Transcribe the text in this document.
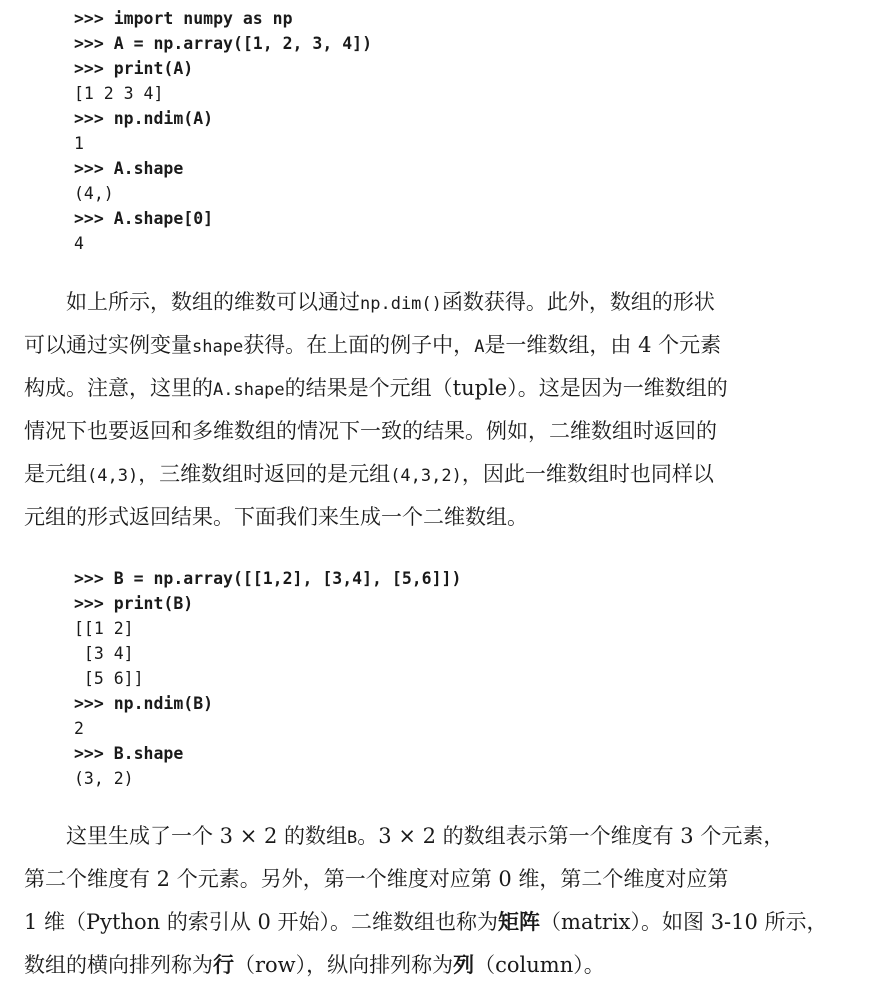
>>> import numpy as np
>>> A = np.array([1, 2, 3, 4])
>>> print(A)
[1 2 3 4]
>>> np.ndim(A)
1
>>> A.shape
(4,)
>>> A.shape[0]
4
　　如上所示，数组的维数可以通过np.dim()函数获得。此外，数组的形状
可以通过实例变量shape获得。在上面的例子中，A是一维数组，由 4 个元素
构成。注意，这里的A.shape的结果是个元组（tuple）。这是因为一维数组的
情况下也要返回和多维数组的情况下一致的结果。例如，二维数组时返回的
是元组(4,3)，三维数组时返回的是元组(4,3,2)，因此一维数组时也同样以
元组的形式返回结果。下面我们来生成一个二维数组。
>>> B = np.array([[1,2], [3,4], [5,6]])
>>> print(B)
[[1 2]
[3 4]
[5 6]]
>>> np.ndim(B)
2
>>> B.shape
(3, 2)
　　这里生成了一个 3 × 2 的数组B。3 × 2 的数组表示第一个维度有 3 个元素，
第二个维度有 2 个元素。另外，第一个维度对应第 0 维，第二个维度对应第
1 维（Python 的索引从 0 开始）。二维数组也称为矩阵（matrix）。如图 3-10 所示，
数组的横向排列称为行（row），纵向排列称为列（column）。
